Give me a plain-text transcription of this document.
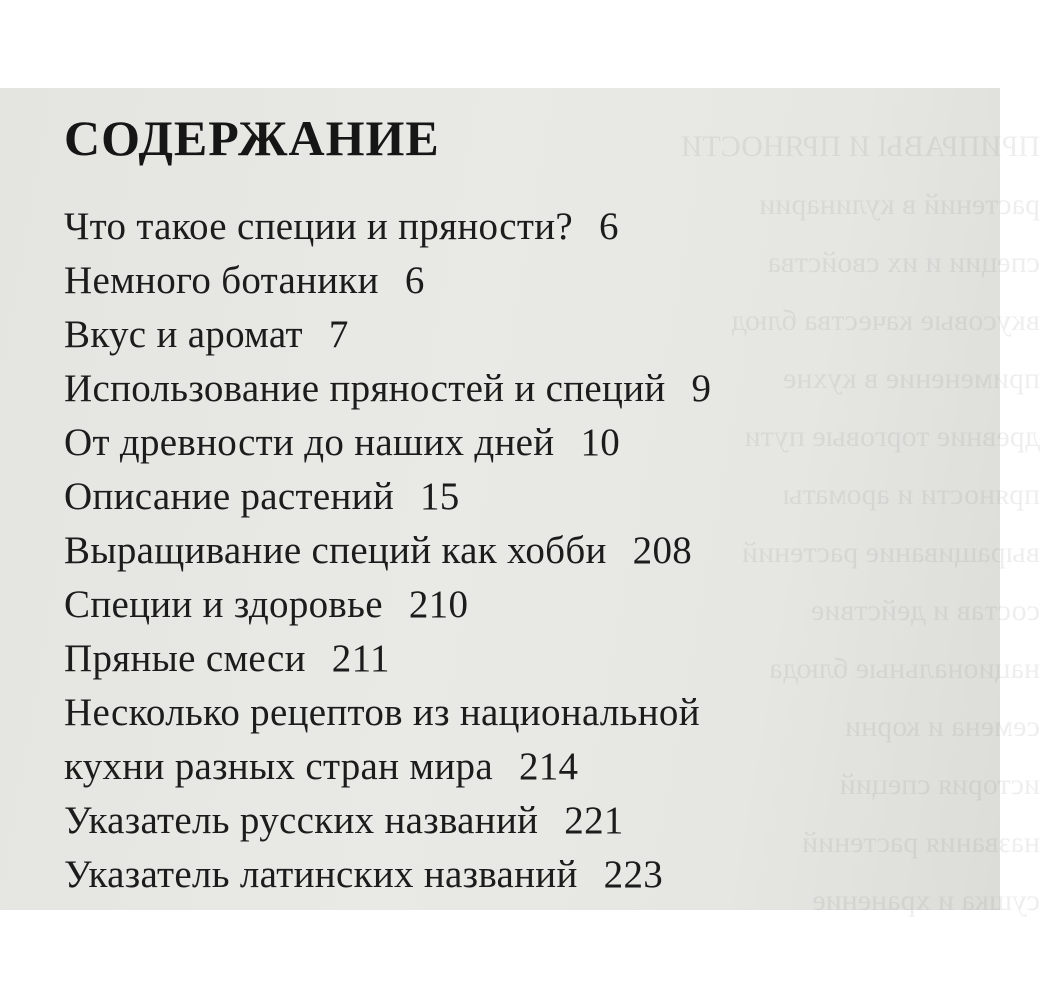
ПРИПРАВЫ И ПРЯНОСТИ
растений в кулинарии
специи и их свойства
вкусовые качества блюд
применение в кухне
древние торговые пути
пряности и ароматы
выращивание растений
состав и действие
национальные блюда
семена и корни
история специй
названия растений
сушка и хранение
СОДЕРЖАНИЕ
Что такое специи и пряности? 6
Немного ботаники 6
Вкус и аромат 7
Использование пряностей и специй 9
От древности до наших дней 10
Описание растений 15
Выращивание специй как хобби 208
Специи и здоровье 210
Пряные смеси 211
Несколько рецептов из национальной
кухни разных стран мира 214
Указатель русских названий 221
Указатель латинских названий 223
